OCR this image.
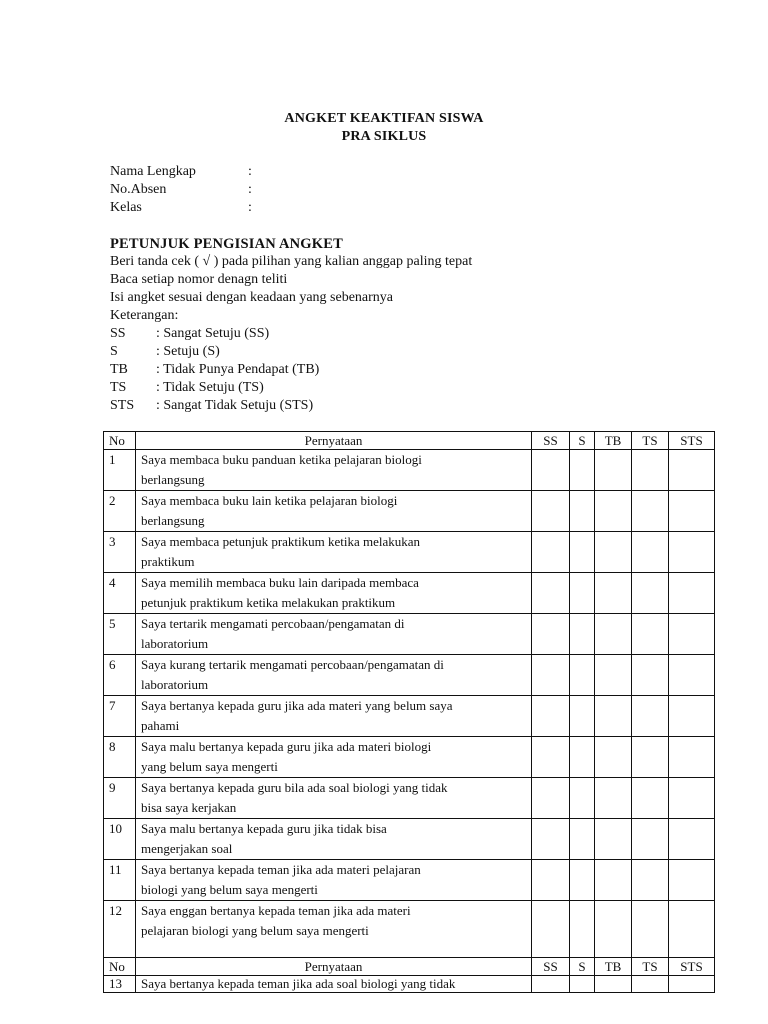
ANGKET KEAKTIFAN SISWA
PRA SIKLUS
Nama Lengkap	:
No.Absen	:
Kelas	:
PETUNJUK PENGISIAN ANGKET
Beri tanda cek ( √ ) pada pilihan yang kalian anggap paling tepat
Baca setiap nomor denagn teliti
Isi angket sesuai dengan keadaan yang sebenarnya
Keterangan:
SS : Sangat Setuju (SS)
S	: Setuju (S)
TB : Tidak Punya Pendapat (TB)
TS : Tidak Setuju (TS)
STS : Sangat Tidak Setuju (STS)
No	Pernyataan	SS	S	TB	TS	STS
1	Saya membaca buku panduan ketika pelajaran biologi
berlangsung					

2	Saya membaca buku lain ketika pelajaran biologi
berlangsung					

3	Saya membaca petunjuk praktikum ketika melakukan
praktikum					

4	Saya memilih membaca buku lain daripada membaca
petunjuk praktikum ketika melakukan praktikum					

5	Saya tertarik mengamati percobaan/pengamatan di
laboratorium					

6	Saya kurang tertarik mengamati percobaan/pengamatan di
laboratorium					

7	Saya bertanya kepada guru jika ada materi yang belum saya
pahami					

8	Saya malu bertanya kepada guru jika ada materi biologi
yang belum saya mengerti					

9	Saya bertanya kepada guru bila ada soal biologi yang tidak
bisa saya kerjakan					

10	Saya malu bertanya kepada guru jika tidak bisa
mengerjakan soal					

11	Saya bertanya kepada teman jika ada materi pelajaran
biologi yang belum saya mengerti					

12	Saya enggan bertanya kepada teman jika ada materi
pelajaran biologi yang belum saya mengerti					

No	Pernyataan	SS	S	TB	TS	STS
13	Saya bertanya kepada teman jika ada soal biologi yang tidak					
